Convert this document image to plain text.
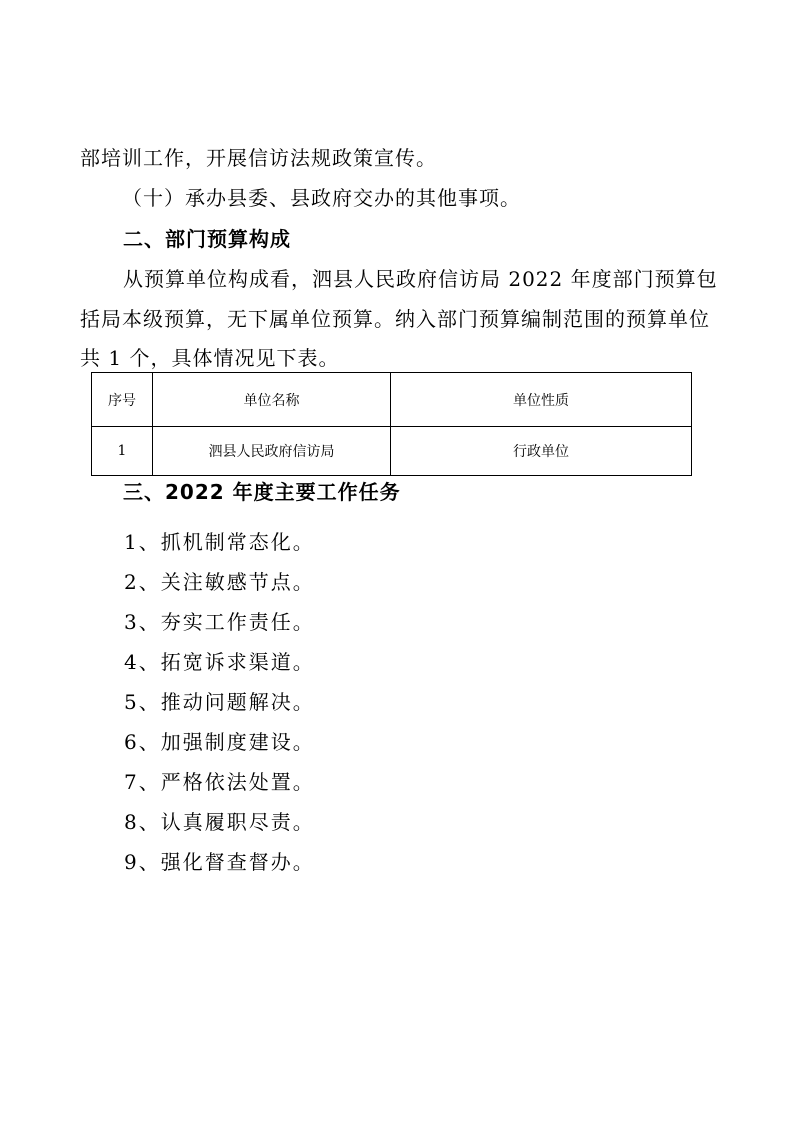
部培训工作，开展信访法规政策宣传。
（十）承办县委、县政府交办的其他事项。
二、部门预算构成
从预算单位构成看，泗县人民政府信访局 2022 年度部门预算包
括局本级预算，无下属单位预算。纳入部门预算编制范围的预算单位
共 1 个，具体情况见下表。
序号	单位名称	单位性质
1	泗县人民政府信访局	行政单位
三、2022 年度主要工作任务
1、抓机制常态化。
2、关注敏感节点。
3、夯实工作责任。
4、拓宽诉求渠道。
5、推动问题解决。
6、加强制度建设。
7、严格依法处置。
8、认真履职尽责。
9、强化督查督办。
